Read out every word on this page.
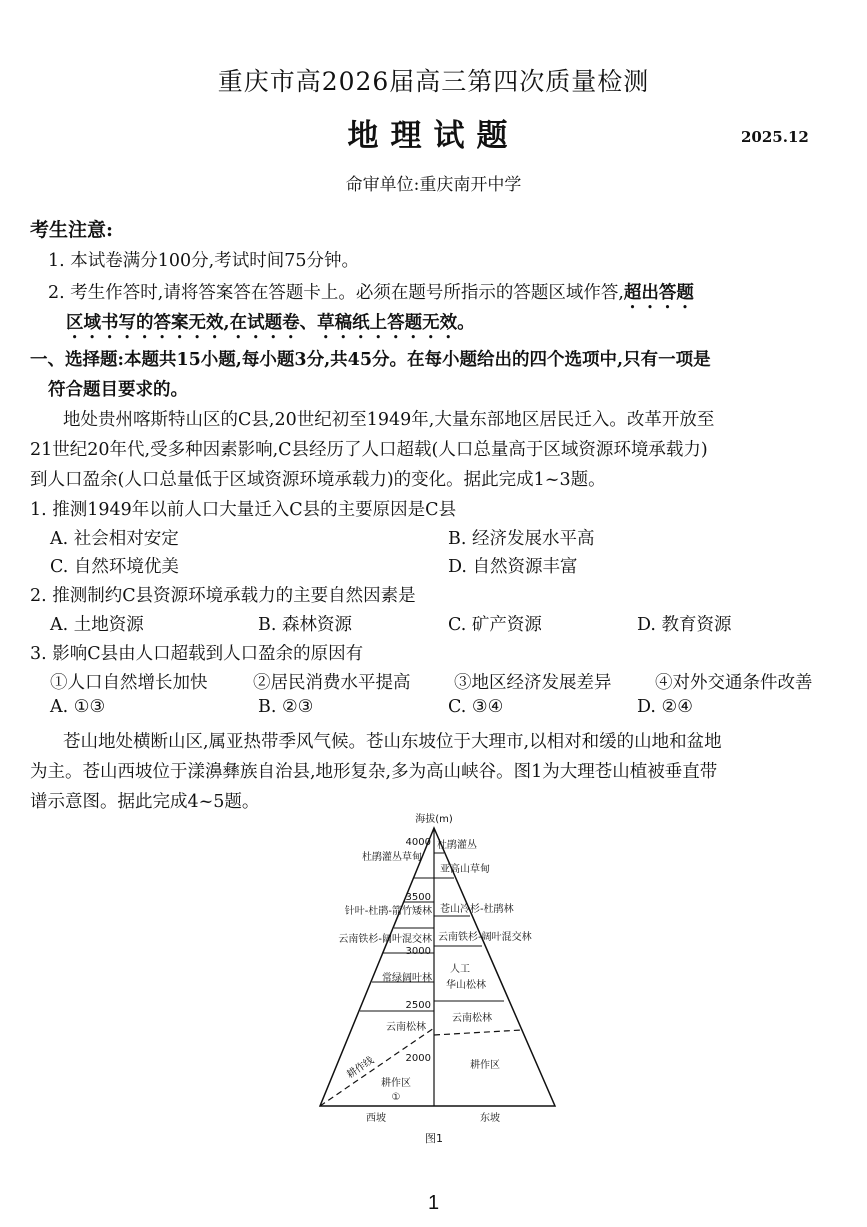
重庆市高2026届高三第四次质量检测
地理试题	2025.12
命审单位:重庆南开中学
考生注意:
1. 本试卷满分100分,考试时间75分钟。
2. 考生作答时,请将答案答在答题卡上。必须在题号所指示的答题区域作答,超出答题
区域书写的答案无效,在试题卷、草稿纸上答题无效。
一、选择题:本题共15小题,每小题3分,共45分。在每小题给出的四个选项中,只有一项是
符合题目要求的。
地处贵州喀斯特山区的C县,20世纪初至1949年,大量东部地区居民迁入。改革开放至
21世纪20年代,受多种因素影响,C县经历了人口超载(人口总量高于区域资源环境承载力)
到人口盈余(人口总量低于区域资源环境承载力)的变化。据此完成1~3题。
1. 推测1949年以前人口大量迁入C县的主要原因是C县
A. 社会相对安定	B. 经济发展水平高
C. 自然环境优美	D. 自然资源丰富
2. 推测制约C县资源环境承载力的主要自然因素是
A. 土地资源	B. 森林资源	C. 矿产资源	D. 教育资源
3. 影响C县由人口超载到人口盈余的原因有
①人口自然增长加快	②居民消费水平提高 ③地区经济发展差异 ④对外交通条件改善
A. ①③	B. ②③	C. ③④	D. ②④
苍山地处横断山区,属亚热带季风气候。苍山东坡位于大理市,以相对和缓的山地和盆地
为主。苍山西坡位于漾濞彝族自治县,地形复杂,多为高山峡谷。图1为大理苍山植被垂直带
谱示意图。据此完成4~5题。
海拔(m)
4000
3500
3000
2500
2000
杜鹃灌丛草甸
针叶-杜鹃-箭竹矮林
云南铁杉-阔叶混交林
常绿阔叶林
云南松林
耕作区
①
耕作线
杜鹃灌丛
亚高山草甸
苍山冷杉-杜鹃林
云南铁杉-阔叶混交林
人工
华山松林
云南松林
耕作区
西坡	东坡
图1
1
